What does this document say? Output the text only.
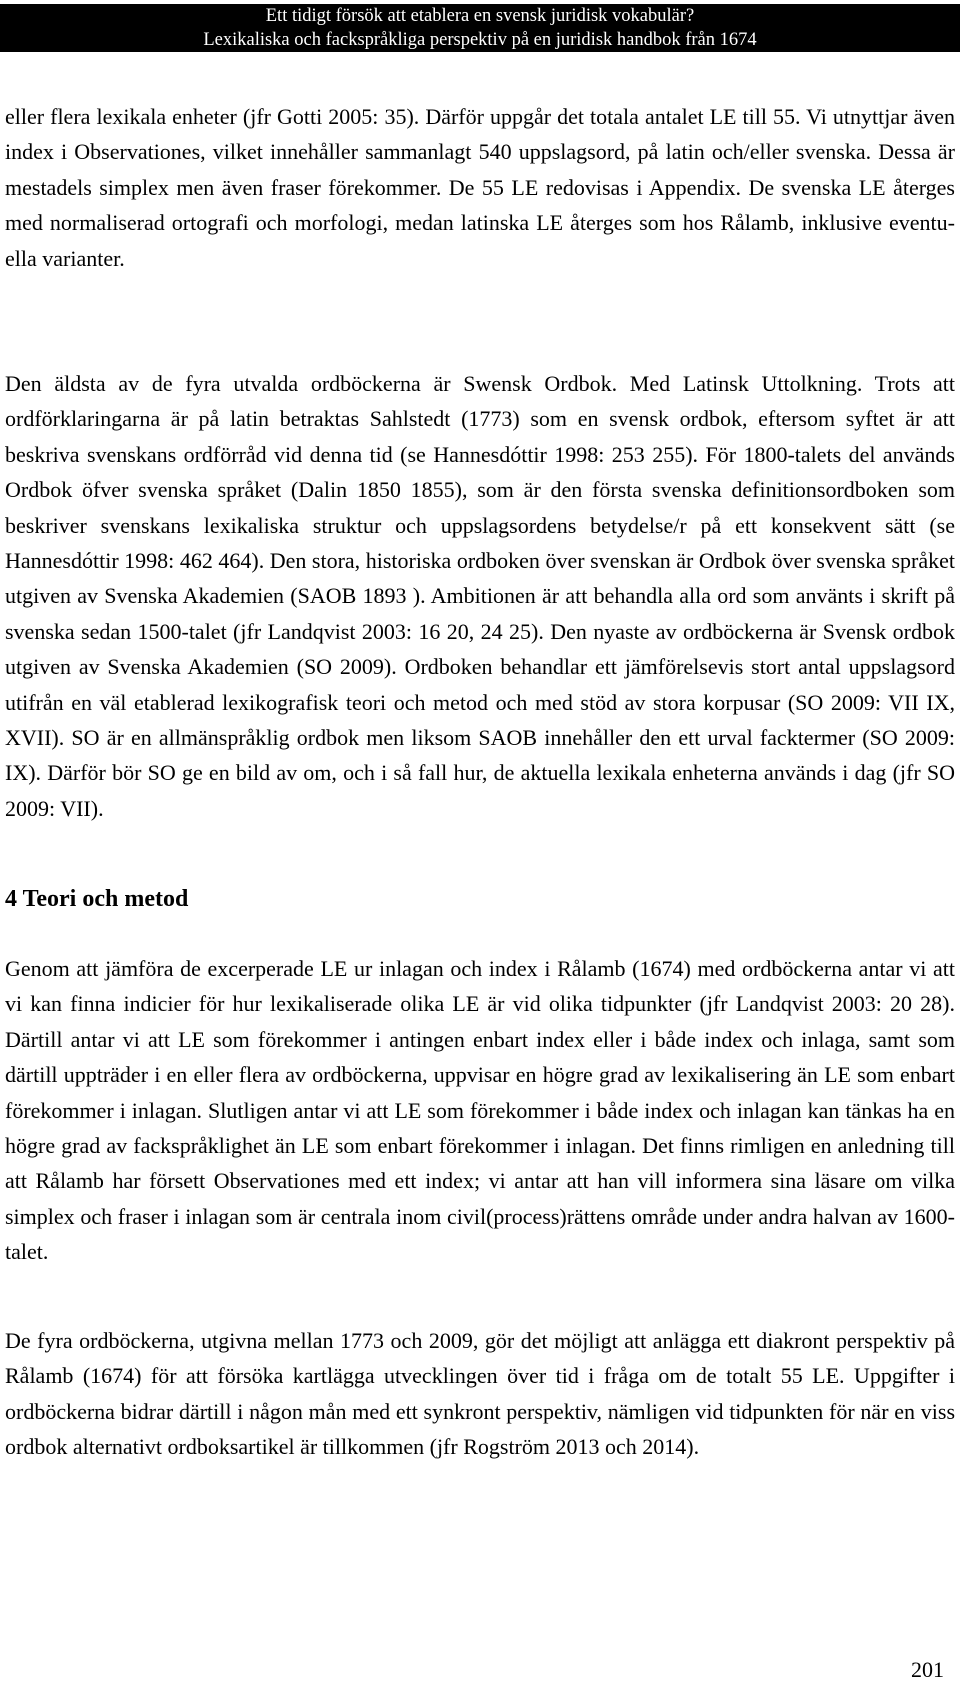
Ett tidigt försök att etablera en svensk juridisk vokabulär?
Lexikaliska och fackspråkliga perspektiv på en juridisk handbok från 1674

eller flera lexikala enheter (jfr Gotti 2005: 35). Därför uppgår det totala antalet LE till 55. Vi utnyttjar även index i Observationes, vilket innehåller sammanlagt 540 uppslagsord, på latin och/eller svenska. Dessa är mestadels simplex men även fraser förekommer. De 55 LE redovisas i Appendix. De svenska LE återges med normaliserad ortografi och morfologi, medan latinska LE återges som hos Rålamb, inklusive eventuella varianter.

Den äldsta av de fyra utvalda ordböckerna är Swensk Ordbok. Med Latinsk Uttolkning. Trots att ordförklaringarna är på latin betraktas Sahlstedt (1773) som en svensk ordbok, eftersom syftet är att beskriva svenskans ordförråd vid denna tid (se Hannesdóttir 1998: 253 255). För 1800-talets del används Ordbok öfver svenska språket (Dalin 1850 1855), som är den första svenska definitionsordboken som beskriver svenskans lexikaliska struktur och uppslagsordens betydelse/r på ett konsekvent sätt (se Hannesdóttir 1998: 462 464). Den stora, historiska ordboken över svenskan är Ordbok över svenska språket utgiven av Svenska Akademien (SAOB 1893 ). Ambitionen är att behandla alla ord som använts i skrift på svenska sedan 1500-talet (jfr Landqvist 2003: 16 20, 24 25). Den nyaste av ordböckerna är Svensk ordbok utgiven av Svenska Akademien (SO 2009). Ordboken behandlar ett jämförelsevis stort antal uppslagsord utifrån en väl etablerad lexikografisk teori och metod och med stöd av stora korpusar (SO 2009: VII IX, XVII). SO är en allmänspråklig ordbok men liksom SAOB innehåller den ett urval facktermer (SO 2009: IX). Därför bör SO ge en bild av om, och i så fall hur, de aktuella lexikala enheterna används i dag (jfr SO 2009: VII).

4 Teori och metod

Genom att jämföra de excerperade LE ur inlagan och index i Rålamb (1674) med ordböckerna antar vi att vi kan finna indicier för hur lexikaliserade olika LE är vid olika tidpunkter (jfr Landqvist 2003: 20 28). Därtill antar vi att LE som förekommer i antingen enbart index eller i både index och inlaga, samt som därtill uppträder i en eller flera av ordböckerna, uppvisar en högre grad av lexikalisering än LE som enbart förekommer i inlagan. Slutligen antar vi att LE som förekommer i både index och inlagan kan tänkas ha en högre grad av fackspråklighet än LE som enbart förekommer i inlagan. Det finns rimligen en anledning till att Rålamb har försett Observationes med ett index; vi antar att han vill informera sina läsare om vilka simplex och fraser i inlagan som är centrala inom civil(process)rättens område under andra halvan av 1600-talet.

De fyra ordböckerna, utgivna mellan 1773 och 2009, gör det möjligt att anlägga ett diakront perspektiv på Rålamb (1674) för att försöka kartlägga utvecklingen över tid i fråga om de totalt 55 LE. Uppgifter i ordböckerna bidrar därtill i någon mån med ett synkront perspektiv, nämligen vid tidpunkten för när en viss ordbok alternativt ordboksartikel är tillkommen (jfr Rogström 2013 och 2014).

201
